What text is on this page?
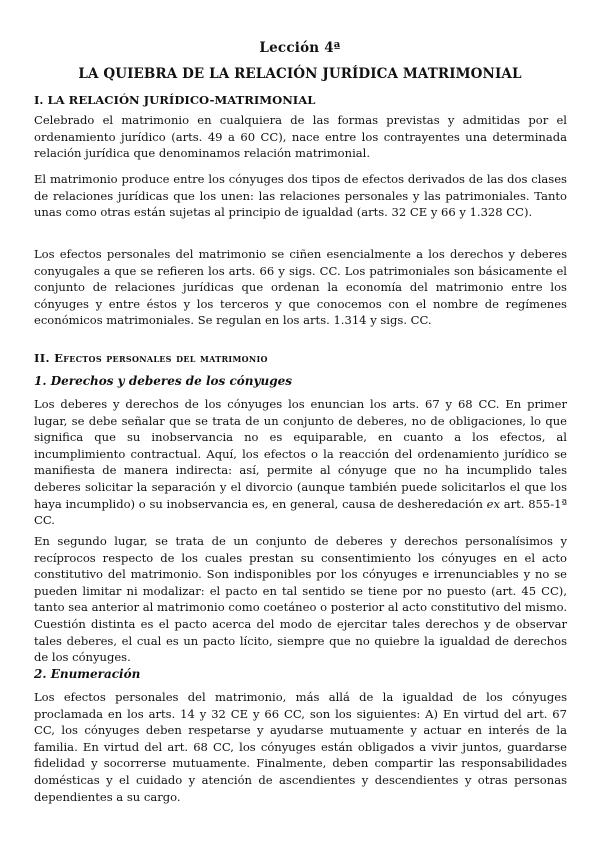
Lección 4ª
LA QUIEBRA DE LA RELACIÓN JURÍDICA MATRIMONIAL
I. LA RELACIÓN JURÍDICO-MATRIMONIAL
Celebrado el matrimonio en cualquiera de las formas previstas y admitidas por el ordenamiento jurídico (arts. 49 a 60 CC), nace entre los contrayentes una determinada relación jurídica que denominamos relación matrimonial.
El matrimonio produce entre los cónyuges dos tipos de efectos derivados de las dos clases de relaciones jurídicas que los unen: las relaciones personales y las patrimoniales. Tanto unas como otras están sujetas al principio de igualdad (arts. 32 CE y 66 y 1.328 CC).
Los efectos personales del matrimonio se ciñen esencialmente a los derechos y deberes conyugales a que se refieren los arts. 66 y sigs. CC. Los patrimoniales son básicamente el conjunto de relaciones jurídicas que ordenan la economía del matrimonio entre los cónyuges y entre éstos y los terceros y que conocemos con el nombre de regímenes económicos matrimoniales. Se regulan en los arts. 1.314 y sigs. CC.
II. Efectos personales del matrimonio
1. Derechos y deberes de los cónyuges
Los deberes y derechos de los cónyuges los enuncian los arts. 67 y 68 CC. En primer lugar, se debe señalar que se trata de un conjunto de deberes, no de obligaciones, lo que significa que su inobservancia no es equiparable, en cuanto a los efectos, al incumplimiento contractual. Aquí, los efectos o la reacción del ordenamiento jurídico se manifiesta de manera indirecta: así, permite al cónyuge que no ha incumplido tales deberes solicitar la separación y el divorcio (aunque también puede solicitarlos el que los haya incumplido) o su inobservancia es, en general, causa de desheredación ex art. 855-1ª CC.
En segundo lugar, se trata de un conjunto de deberes y derechos personalísimos y recíprocos respecto de los cuales prestan su consentimiento los cónyuges en el acto constitutivo del matrimonio. Son indisponibles por los cónyuges e irrenunciables y no se pueden limitar ni modalizar: el pacto en tal sentido se tiene por no puesto (art. 45 CC), tanto sea anterior al matrimonio como coetáneo o posterior al acto constitutivo del mismo. Cuestión distinta es el pacto acerca del modo de ejercitar tales derechos y de observar tales deberes, el cual es un pacto lícito, siempre que no quiebre la igualdad de derechos de los cónyuges.
2. Enumeración
Los efectos personales del matrimonio, más allá de la igualdad de los cónyuges proclamada en los arts. 14 y 32 CE y 66 CC, son los siguientes: A) En virtud del art. 67 CC, los cónyuges deben respetarse y ayudarse mutuamente y actuar en interés de la familia. En virtud del art. 68 CC, los cónyuges están obligados a vivir juntos, guardarse fidelidad y socorrerse mutuamente. Finalmente, deben compartir las responsabilidades domésticas y el cuidado y atención de ascendientes y descendientes y otras personas dependientes a su cargo.
